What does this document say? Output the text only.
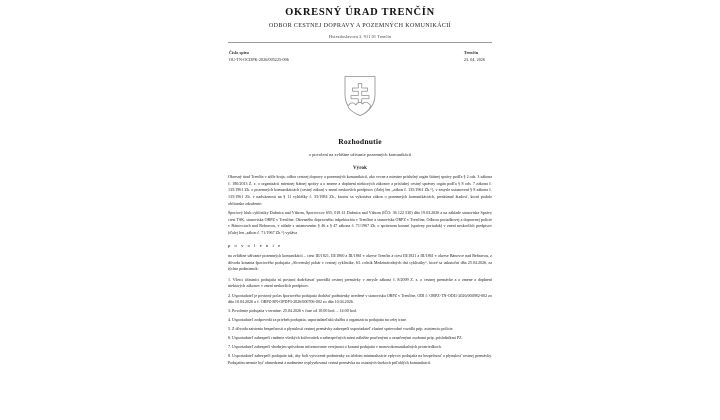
OKRESNÝ ÚRAD TRENČÍN
ODBOR CESTNEJ DOPRAVY A POZEMNÝCH KOMUNIKÁCIÍ
Hviezdoslavova 3, 911 01 Trenčín
Číslo spisu
OU-TN-OCDPK-2026/005225-006
Trenčín
23. 04. 2026
Rozhodnutie
o povolení na zvláštne užívanie pozemných komunikácií
Výrok

Okresný úrad Trenčín v sídle kraja, odbor cestnej dopravy a pozemných komunikácií, ako vecne a miestne príslušný orgán štátnej správy podľa § 2 ods. 3 zákona č. 180/2013 Z. z. o organizácii miestnej štátnej správy a o zmene a doplnení niektorých zákonov a príslušný cestný správny orgán podľa § 8 ods. 7 zákona č. 135/1961 Zb. o pozemných komunikáciách (cestný zákon) v znení neskorších predpisov (ďalej len „zákon č. 135/1961 Zb.“), v zmysle ustanovení § 8 zákona č. 135/1961 Zb. v nadväznosti na § 11 vyhlášky č. 35/1984 Zb., ktorou sa vykonáva zákon o pozemných komunikáciách, preskúmal žiadosť, ktorú podalo občianske združenie:

Športový klub cyklistiky Dubnica nad Váhom, Športovcov 655, 018 41 Dubnica nad Váhom (IČO: 36 122 530) dňa 19.03.2026 a na základe stanoviska Správy ciest TSK, stanoviska ORPZ v Trenčíne, Okresného dopravného inšpektorátu v Trenčíne a stanoviska ORPZ v Trenčíne, Odboru poriadkovej a dopravnej polície v Bánovciach nad Bebravou, v súlade s ustanovením § 46 a § 47 zákona č. 71/1967 Zb. o správnom konaní (správny poriadok) v znení neskorších predpisov (ďalej len „zákon č. 71/1967 Zb.“) vydáva

p o v o l e n i e

na zvláštne užívanie pozemných komunikácií – ciest III/1821, III/1860 a III/1861 v okrese Trenčín a ciest III/1821 a III/1861 v okrese Bánovce nad Bebravou, z dôvodu konania športového podujatia „Slovenský pohár v cestnej cyklistike, 63. ročník Medzinárodných dní cyklistiky“, ktoré sa uskutoční dňa 25.04.2026, za týchto podmienok:

1. Všetci účastníci podujatia sú povinní dodržiavať pravidlá cestnej premávky v zmysle zákona č. 8/2009 Z. z. o cestnej premávke a o zmene a doplnení niektorých zákonov v znení neskorších predpisov.
2. Usporiadateľ je povinný počas športového podujatia dodržať podmienky uvedené v stanovisku ORPZ v Trenčíne, ODI č. ORPZ-TN-ODI1-2026/004982-002 zo dňa 10.04.2026 a č. ORPZ-BN-OPDP3-2026/000706-002 zo dňa 10.04.2026.
3. Povolenie podujatia v termíne: 25.04.2026 v čase od 10:00 hod. – 14:00 hod.
4. Usporiadateľ zodpovedá za priebeh podujatia, usporiadateľskú službu a organizáciu podujatia na celej trase.
5. Z dôvodu zaistenia bezpečnosti a plynulosti cestnej premávky zabezpečí usporiadateľ vlastné sprievodné vozidlá príp. asistenciu polície.
6. Usporiadateľ zabezpečí riadenie všetkých križovatiek a nebezpečných miest náležite poučenými a označenými osobami príp. príslušníkmi PZ.
7. Usporiadateľ zabezpečí vhodným spôsobom informovanie verejnosti o konaní podujatia v masovokomunikačných prostriedkoch.
8. Usporiadateľ zabezpečí podujatie tak, aby boli vytvorené podmienky za účelom minimalizácie vplyvov podujatia na bezpečnosť a plynulosť cestnej premávky. Podujatím nesmie byť obmedzená a nadmerne ovplyvňovaná cestná premávka na ostatných úsekoch priľahlých komunikácií.
